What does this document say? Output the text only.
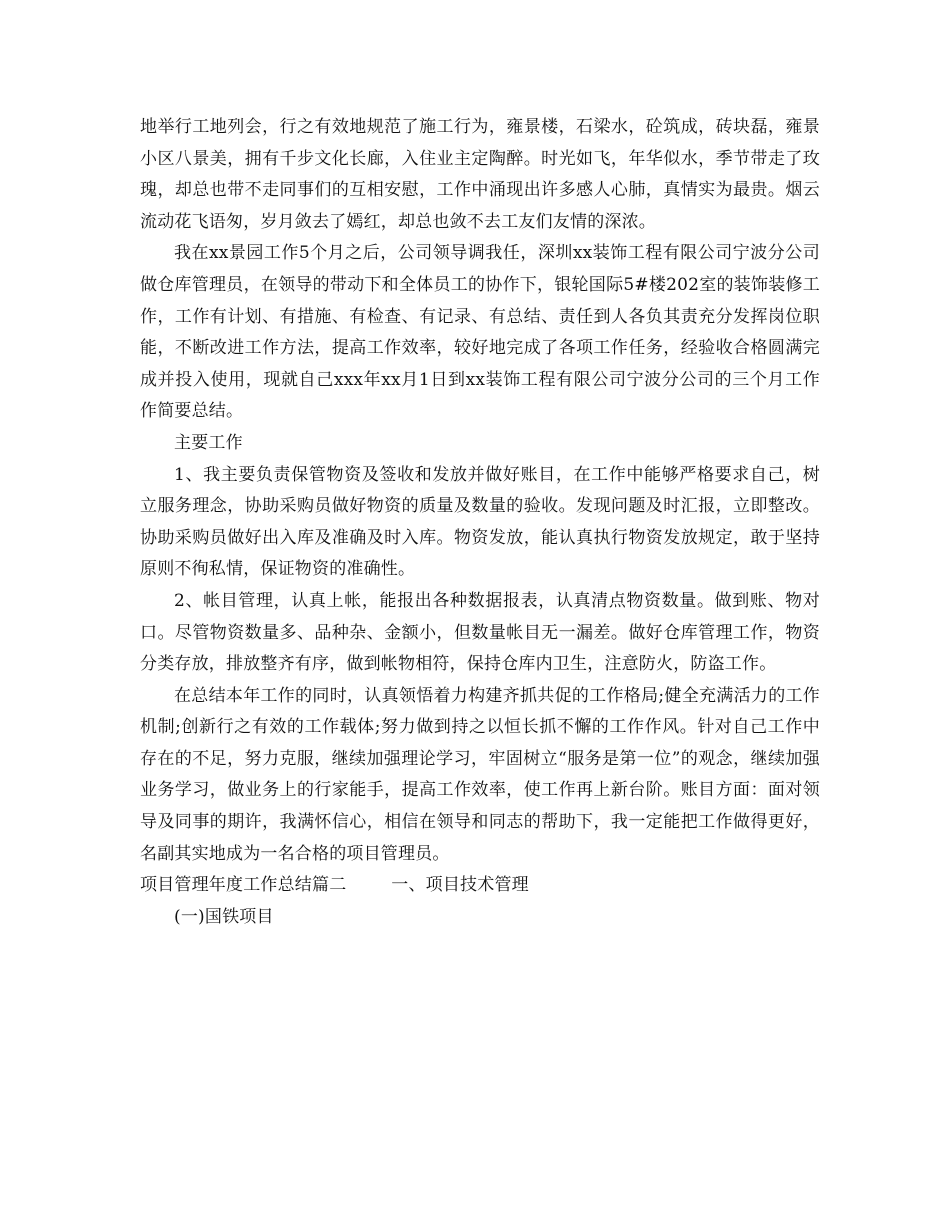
地举行工地列会，行之有效地规范了施工行为，雍景楼，石梁水，砼筑成，砖块磊，雍景小区八景美，拥有千步文化长廊，入住业主定陶醉。时光如飞，年华似水，季节带走了玫瑰，却总也带不走同事们的互相安慰，工作中涌现出许多感人心肺，真情实为最贵。烟云流动花飞语匆，岁月敛去了嫣红，却总也敛不去工友们友情的深浓。

我在xx景园工作5个月之后，公司领导调我任，深圳xx装饰工程有限公司宁波分公司做仓库管理员，在领导的带动下和全体员工的协作下，银轮国际5#楼202室的装饰装修工作，工作有计划、有措施、有检查、有记录、有总结、责任到人各负其责充分发挥岗位职能，不断改进工作方法，提高工作效率，较好地完成了各项工作任务，经验收合格圆满完成并投入使用，现就自己xxx年xx月1日到xx装饰工程有限公司宁波分公司的三个月工作作简要总结。

主要工作

1、我主要负责保管物资及签收和发放并做好账目，在工作中能够严格要求自己，树立服务理念，协助采购员做好物资的质量及数量的验收。发现问题及时汇报，立即整改。协助采购员做好出入库及准确及时入库。物资发放，能认真执行物资发放规定，敢于坚持原则不徇私情，保证物资的准确性。

2、帐目管理，认真上帐，能报出各种数据报表，认真清点物资数量。做到账、物对口。尽管物资数量多、品种杂、金额小，但数量帐目无一漏差。做好仓库管理工作，物资分类存放，排放整齐有序，做到帐物相符，保持仓库内卫生，注意防火，防盗工作。

在总结本年工作的同时，认真领悟着力构建齐抓共促的工作格局;健全充满活力的工作机制;创新行之有效的工作载体;努力做到持之以恒长抓不懈的工作作风。针对自己工作中存在的不足，努力克服，继续加强理论学习，牢固树立“服务是第一位”的观念，继续加强业务学习，做业务上的行家能手，提高工作效率，使工作再上新台阶。账目方面：面对领导及同事的期许，我满怀信心，相信在领导和同志的帮助下，我一定能把工作做得更好，名副其实地成为一名合格的项目管理员。

项目管理年度工作总结篇二	一、项目技术管理

(一)国铁项目
